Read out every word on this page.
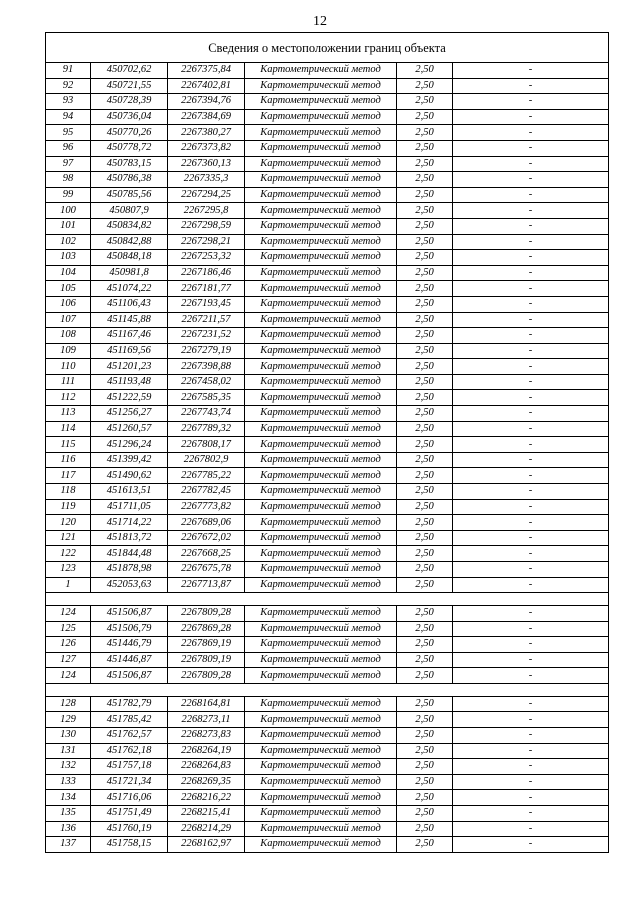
12
Сведения о местоположении границ объекта					
91	450702,62	2267375,84	Картометрический метод	2,50	-
92	450721,55	2267402,81	Картометрический метод	2,50	-
93	450728,39	2267394,76	Картометрический метод	2,50	-
94	450736,04	2267384,69	Картометрический метод	2,50	-
95	450770,26	2267380,27	Картометрический метод	2,50	-
96	450778,72	2267373,82	Картометрический метод	2,50	-
97	450783,15	2267360,13	Картометрический метод	2,50	-
98	450786,38	2267335,3	Картометрический метод	2,50	-
99	450785,56	2267294,25	Картометрический метод	2,50	-
100	450807,9	2267295,8	Картометрический метод	2,50	-
101	450834,82	2267298,59	Картометрический метод	2,50	-
102	450842,88	2267298,21	Картометрический метод	2,50	-
103	450848,18	2267253,32	Картометрический метод	2,50	-
104	450981,8	2267186,46	Картометрический метод	2,50	-
105	451074,22	2267181,77	Картометрический метод	2,50	-
106	451106,43	2267193,45	Картометрический метод	2,50	-
107	451145,88	2267211,57	Картометрический метод	2,50	-
108	451167,46	2267231,52	Картометрический метод	2,50	-
109	451169,56	2267279,19	Картометрический метод	2,50	-
110	451201,23	2267398,88	Картометрический метод	2,50	-
111	451193,48	2267458,02	Картометрический метод	2,50	-
112	451222,59	2267585,35	Картометрический метод	2,50	-
113	451256,27	2267743,74	Картометрический метод	2,50	-
114	451260,57	2267789,32	Картометрический метод	2,50	-
115	451296,24	2267808,17	Картометрический метод	2,50	-
116	451399,42	2267802,9	Картометрический метод	2,50	-
117	451490,62	2267785,22	Картометрический метод	2,50	-
118	451613,51	2267782,45	Картометрический метод	2,50	-
119	451711,05	2267773,82	Картометрический метод	2,50	-
120	451714,22	2267689,06	Картометрический метод	2,50	-
121	451813,72	2267672,02	Картометрический метод	2,50	-
122	451844,48	2267668,25	Картометрический метод	2,50	-
123	451878,98	2267675,78	Картометрический метод	2,50	-
1	452053,63	2267713,87	Картометрический метод	2,50	-

124	451506,87	2267809,28	Картометрический метод	2,50	-
125	451506,79	2267869,28	Картометрический метод	2,50	-
126	451446,79	2267869,19	Картометрический метод	2,50	-
127	451446,87	2267809,19	Картометрический метод	2,50	-
124	451506,87	2267809,28	Картометрический метод	2,50	-

128	451782,79	2268164,81	Картометрический метод	2,50	-
129	451785,42	2268273,11	Картометрический метод	2,50	-
130	451762,57	2268273,83	Картометрический метод	2,50	-
131	451762,18	2268264,19	Картометрический метод	2,50	-
132	451757,18	2268264,83	Картометрический метод	2,50	-
133	451721,34	2268269,35	Картометрический метод	2,50	-
134	451716,06	2268216,22	Картометрический метод	2,50	-
135	451751,49	2268215,41	Картометрический метод	2,50	-
136	451760,19	2268214,29	Картометрический метод	2,50	-
137	451758,15	2268162,97	Картометрический метод	2,50	-
